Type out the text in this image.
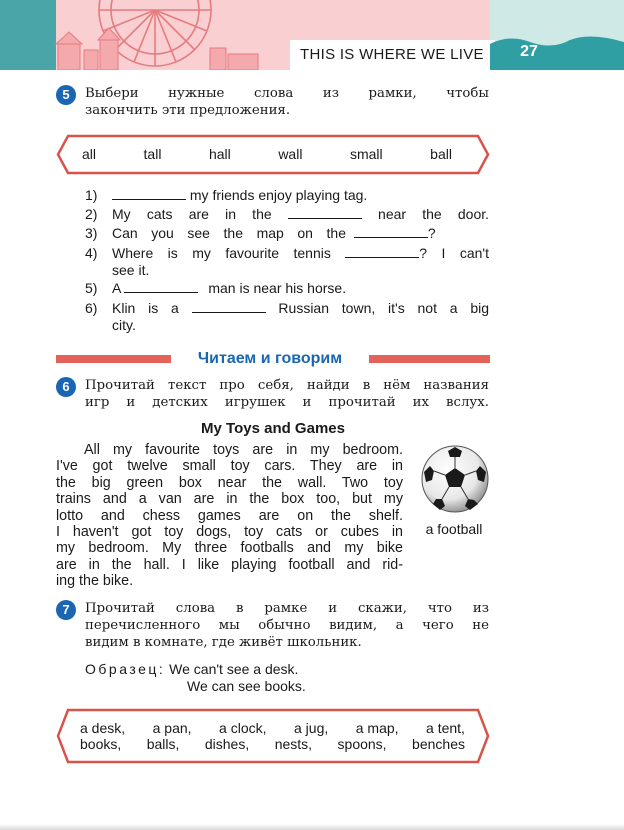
THIS IS WHERE WE LIVE	27
5	Выбери нужные слова из рамки, чтобы
закончить эти предложения.
all	tall	hall	wall	small	ball
1)	my friends enjoy playing tag.
2)	My cats are in the	near the door.
3)	Can you see the map on the	?
4)	Where is my favourite tennis	? I can't
see it.
5)	A	man is near his horse.
6)	Klin is a	Russian town, it's not a big
city.
Читаем и говорим
6	Прочитай текст про себя, найди в нём названия
игр и детских игрушек и прочитай их вслух.
My Toys and Games
All my favourite toys are in my bedroom.
I've got twelve small toy cars. They are in
the big green box near the wall. Two toy
trains and a van are in the box too, but my
lotto and chess games are on the shelf.
I haven't got toy dogs, toy cats or cubes in
my bedroom. My three footballs and my bike
are in the hall. I like playing football and rid-
ing the bike.
a football
7	Прочитай слова в рамке и скажи, что из
перечисленного мы обычно видим, а чего не
видим в комнате, где живёт школьник.
Образец: We can't see a desk.
We can see books.
a desk, a pan, a clock, a jug, a map, a tent,
books, balls, dishes, nests, spoons, benches
